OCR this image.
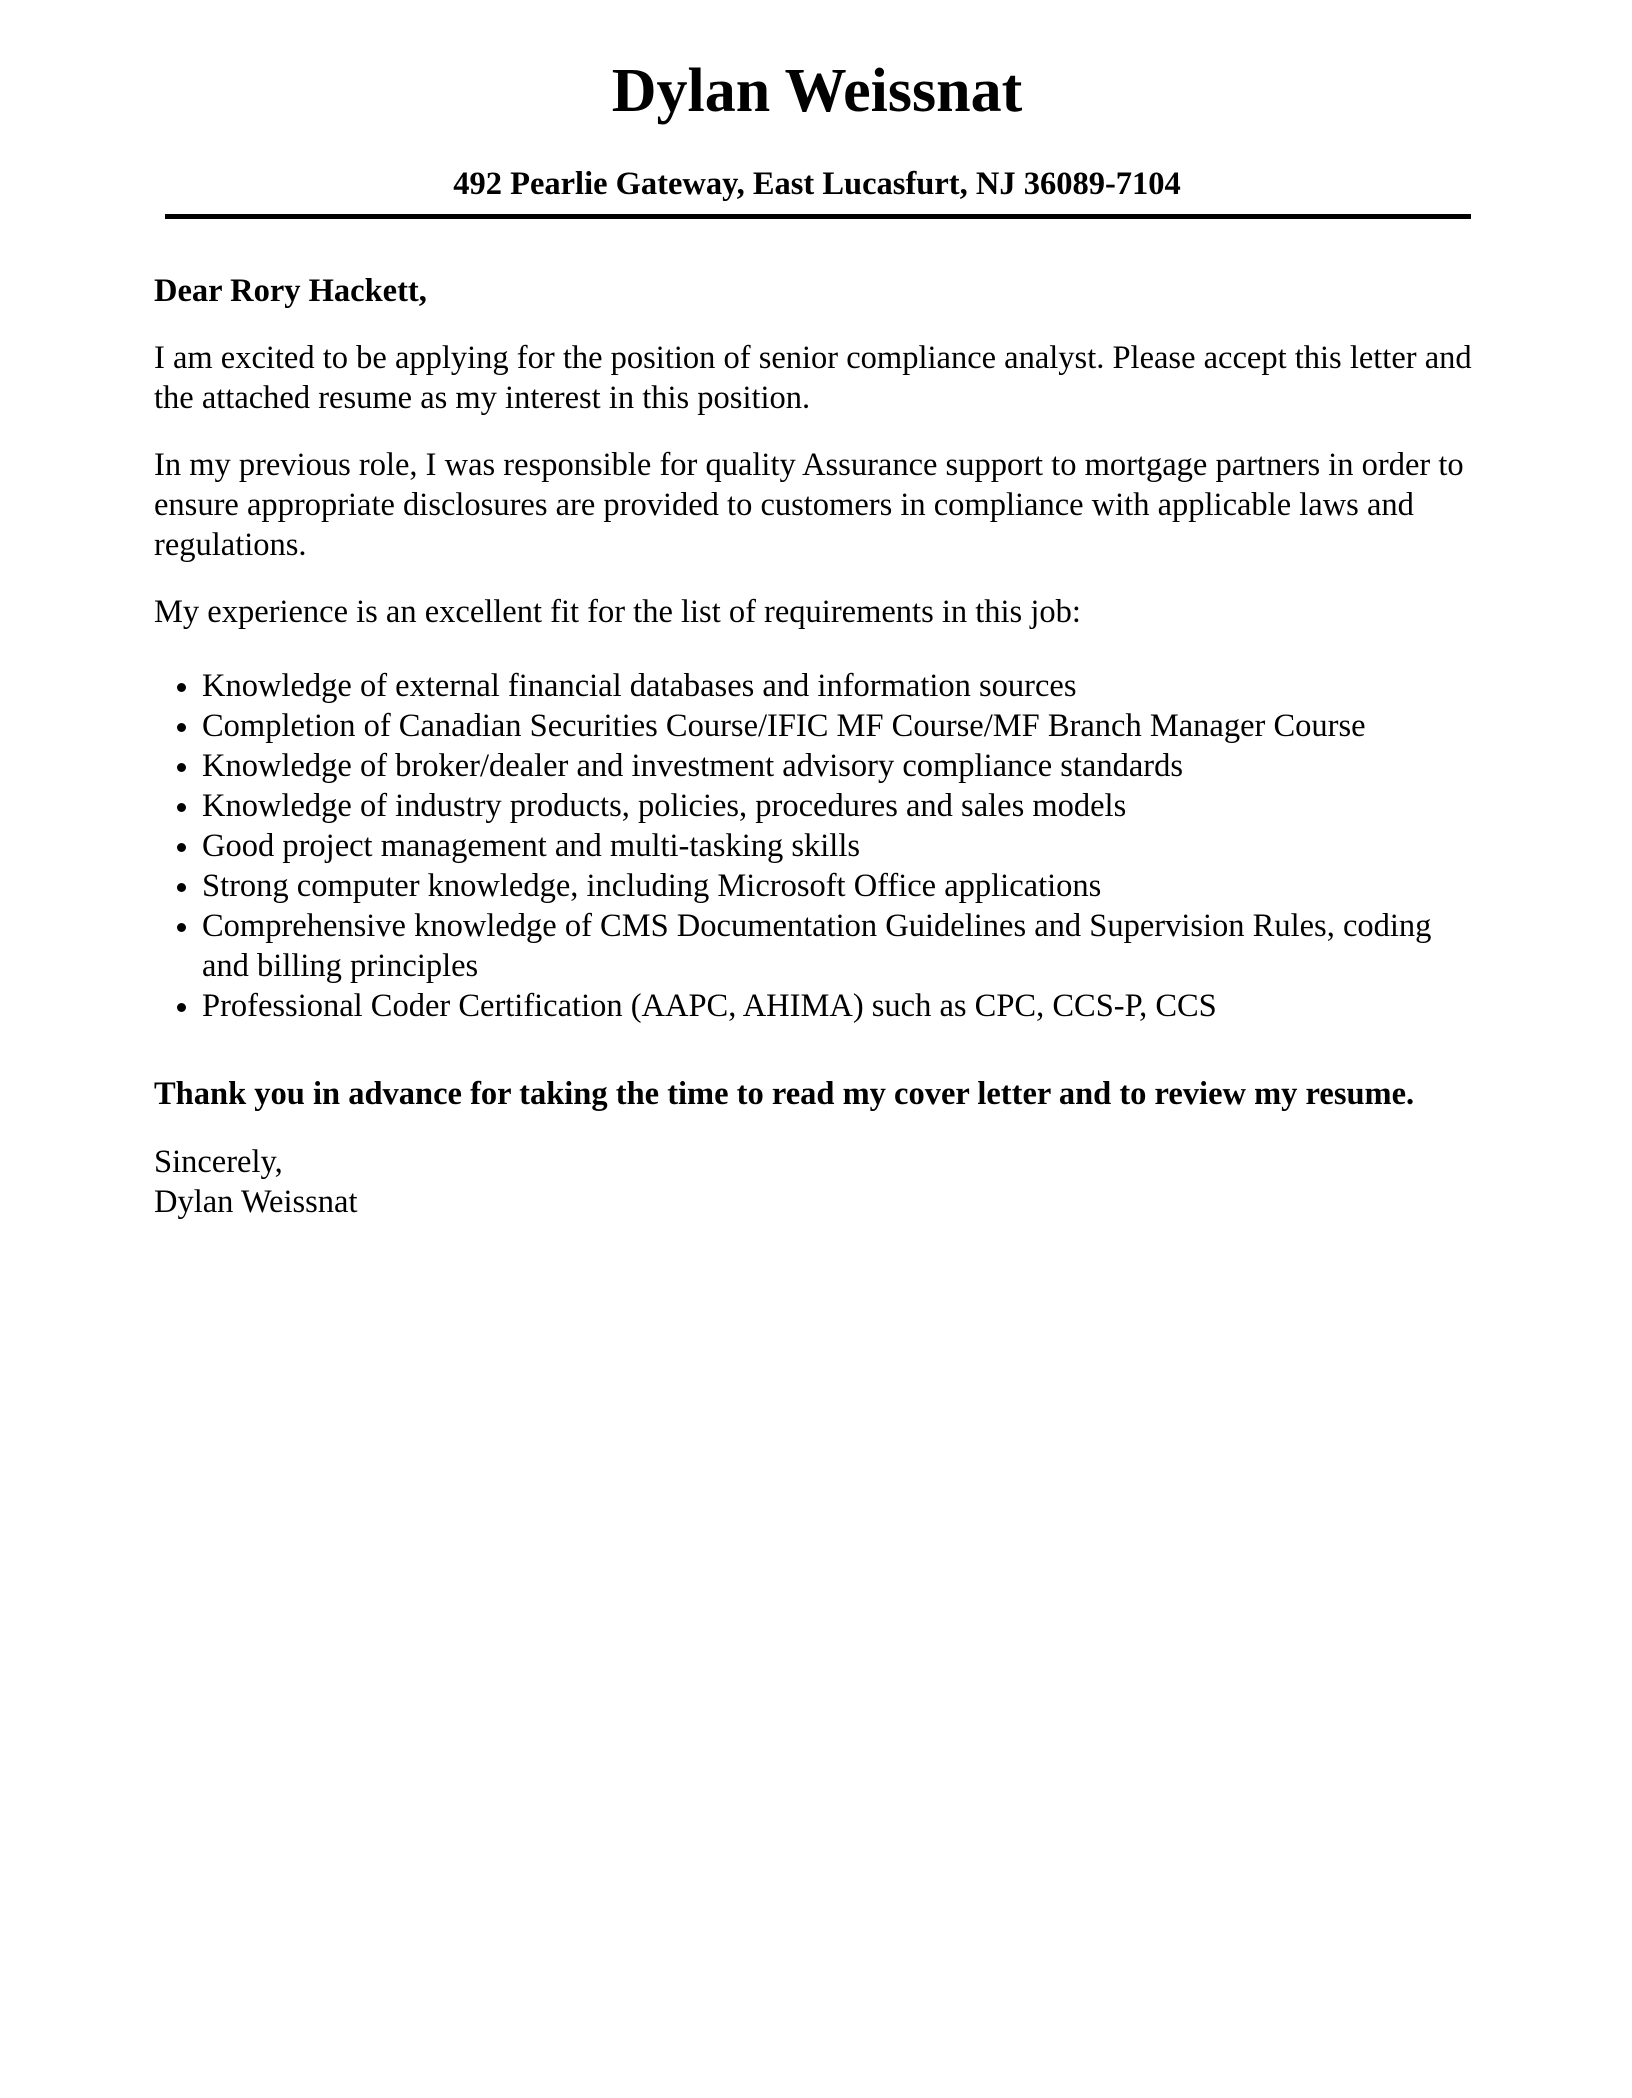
Dylan Weissnat

492 Pearlie Gateway, East Lucasfurt, NJ 36089-7104

Dear Rory Hackett,

I am excited to be applying for the position of senior compliance analyst. Please accept this letter and the attached resume as my interest in this position.

In my previous role, I was responsible for quality Assurance support to mortgage partners in order to ensure appropriate disclosures are provided to customers in compliance with applicable laws and regulations.

My experience is an excellent fit for the list of requirements in this job:

• Knowledge of external financial databases and information sources
• Completion of Canadian Securities Course/IFIC MF Course/MF Branch Manager Course
• Knowledge of broker/dealer and investment advisory compliance standards
• Knowledge of industry products, policies, procedures and sales models
• Good project management and multi-tasking skills
• Strong computer knowledge, including Microsoft Office applications
• Comprehensive knowledge of CMS Documentation Guidelines and Supervision Rules, coding and billing principles
• Professional Coder Certification (AAPC, AHIMA) such as CPC, CCS-P, CCS

Thank you in advance for taking the time to read my cover letter and to review my resume.

Sincerely,
Dylan Weissnat
